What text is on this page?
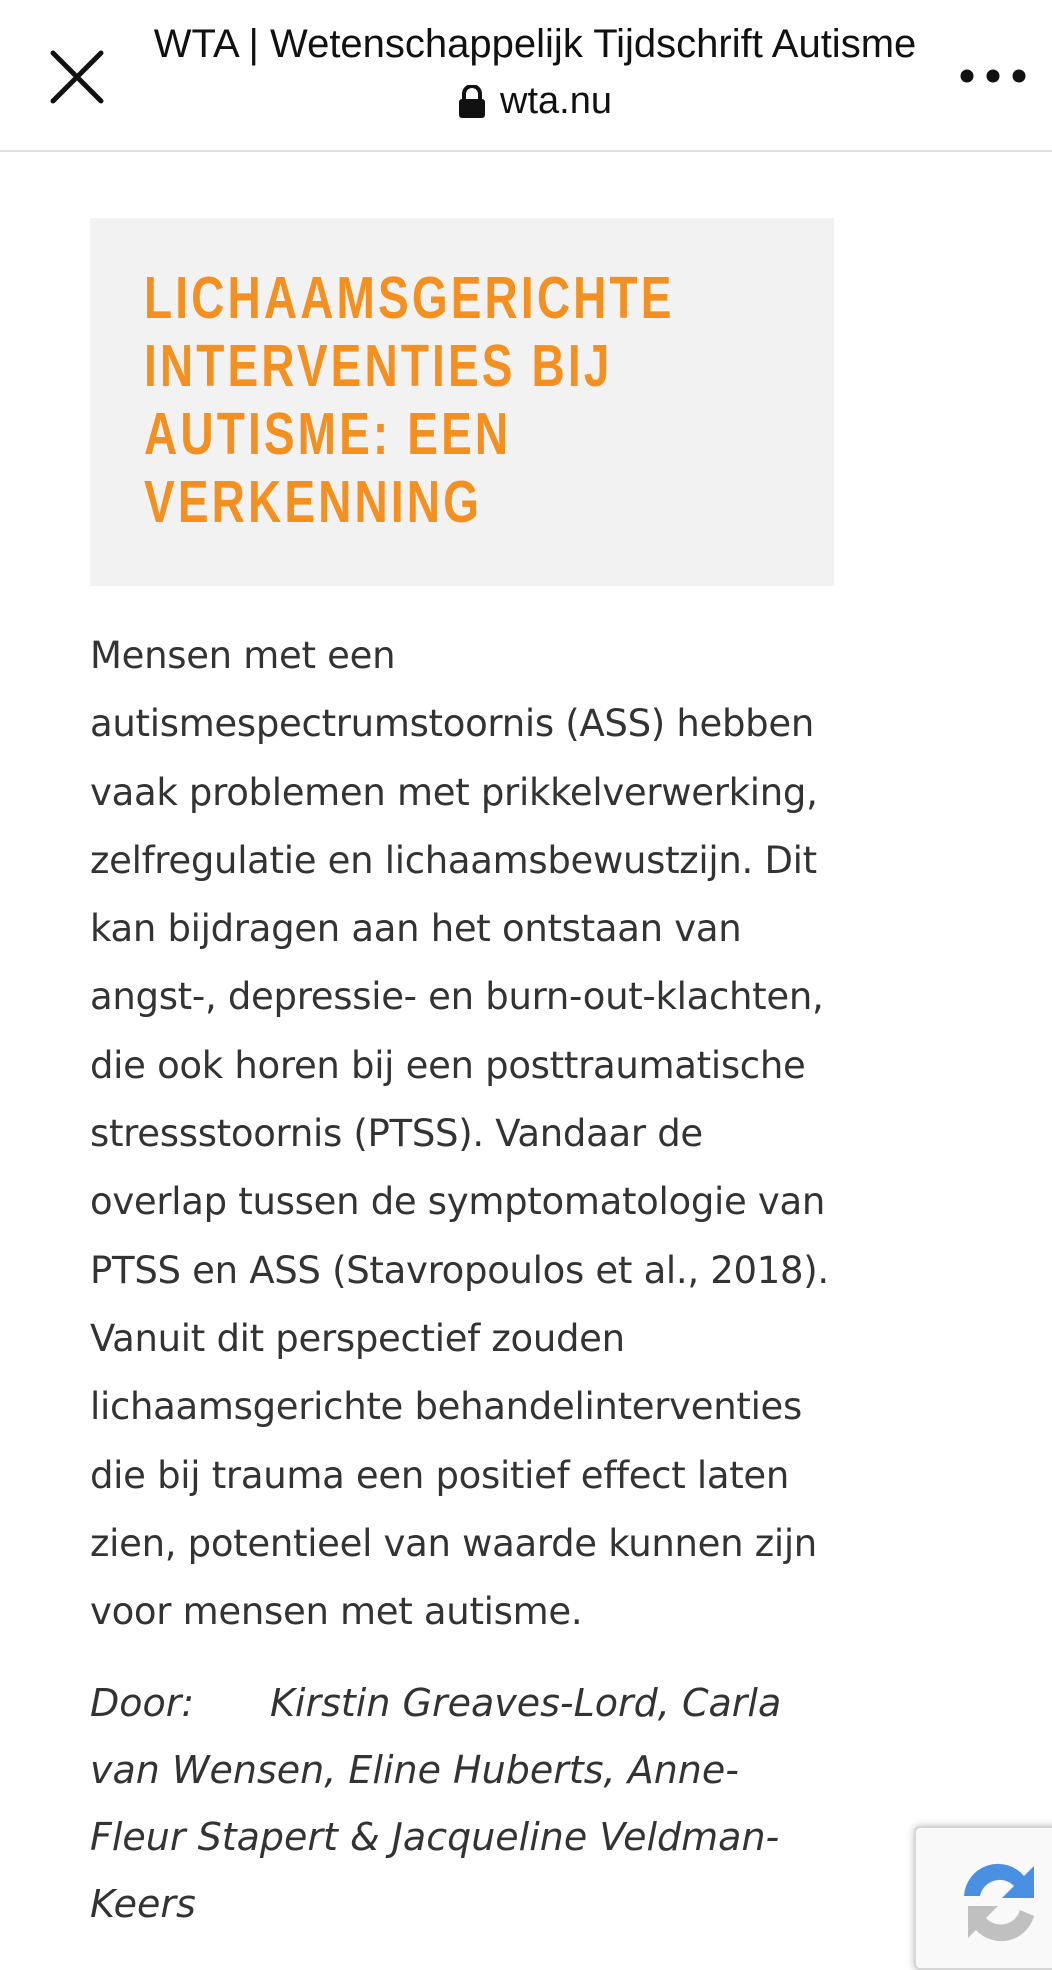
WTA | Wetenschappelijk Tijdschrift Autisme
wta.nu
LICHAAMSGERICHTE INTERVENTIES BIJ AUTISME: EEN VERKENNING

Mensen met een autismespectrumstoornis (ASS) hebben vaak problemen met prikkelverwerking, zelfregulatie en lichaamsbewustzijn. Dit kan bijdragen aan het ontstaan van angst-, depressie- en burn-out-klachten, die ook horen bij een posttraumatische stressstoornis (PTSS). Vandaar de overlap tussen de symptomatologie van PTSS en ASS (Stavropoulos et al., 2018). Vanuit dit perspectief zouden lichaamsgerichte behandelinterventies die bij trauma een positief effect laten zien, potentieel van waarde kunnen zijn voor mensen met autisme.

Door: Kirstin Greaves-Lord, Carla van Wensen, Eline Huberts, Anne-Fleur Stapert & Jacqueline Veldman-Keers
